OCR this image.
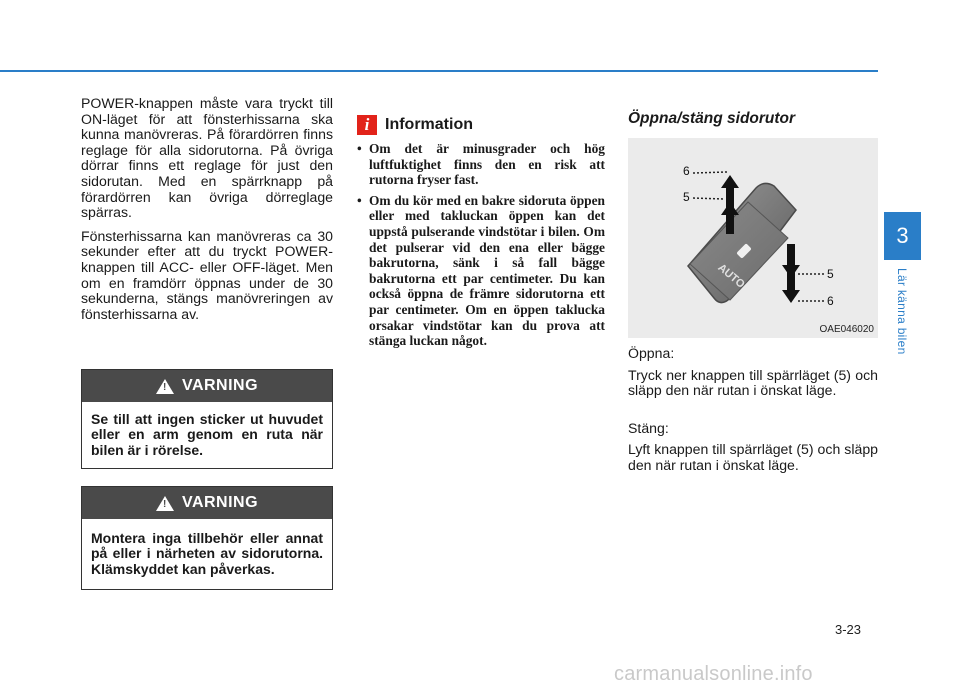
POWER-knappen måste vara tryckt till ON-läget för att fönsterhissarna ska kunna manövreras. På förardörren finns reglage för alla sidorutorna. På övriga dörrar finns ett reglage för just den sidorutan. Med en spärrknapp på förardörren kan övriga dörreglage spärras.

Fönsterhissarna kan manövreras ca 30 sekunder efter att du tryckt POWER-knappen till ACC- eller OFF-läget. Men om en framdörr öppnas under de 30 sekunderna, stängs manövreringen av fönsterhissarna av.

! VARNING
Se till att ingen sticker ut huvudet eller en arm genom en ruta när bilen är i rörelse.
! VARNING
Montera inga tillbehör eller annat på eller i närheten av sidorutorna. Klämskyddet kan påverkas.
i Information
• Om det är minusgrader och hög luftfuktighet finns den en risk att rutorna fryser fast.
• Om du kör med en bakre sidoruta öppen eller med takluckan öppen kan det uppstå pulserande vindstötar i bilen. Om det pulserar vid den ena eller bägge bakrutorna, sänk i så fall bägge bakrutorna ett par centimeter. Du kan också öppna de främre sidorutorna ett par centimeter. Om en öppen taklucka orsakar vindstötar kan du prova att stänga luckan något.
Öppna/stäng sidorutor
AUTO
6
5
5
6
OAE046020

Öppna:

Tryck ner knappen till spärrläget (5) och släpp den när rutan i önskat läge.

Stäng:

Lyft knappen till spärrläget (5) och släpp den när rutan i önskat läge.

3
Lär känna bilen
3-23
carmanualsonline.info
